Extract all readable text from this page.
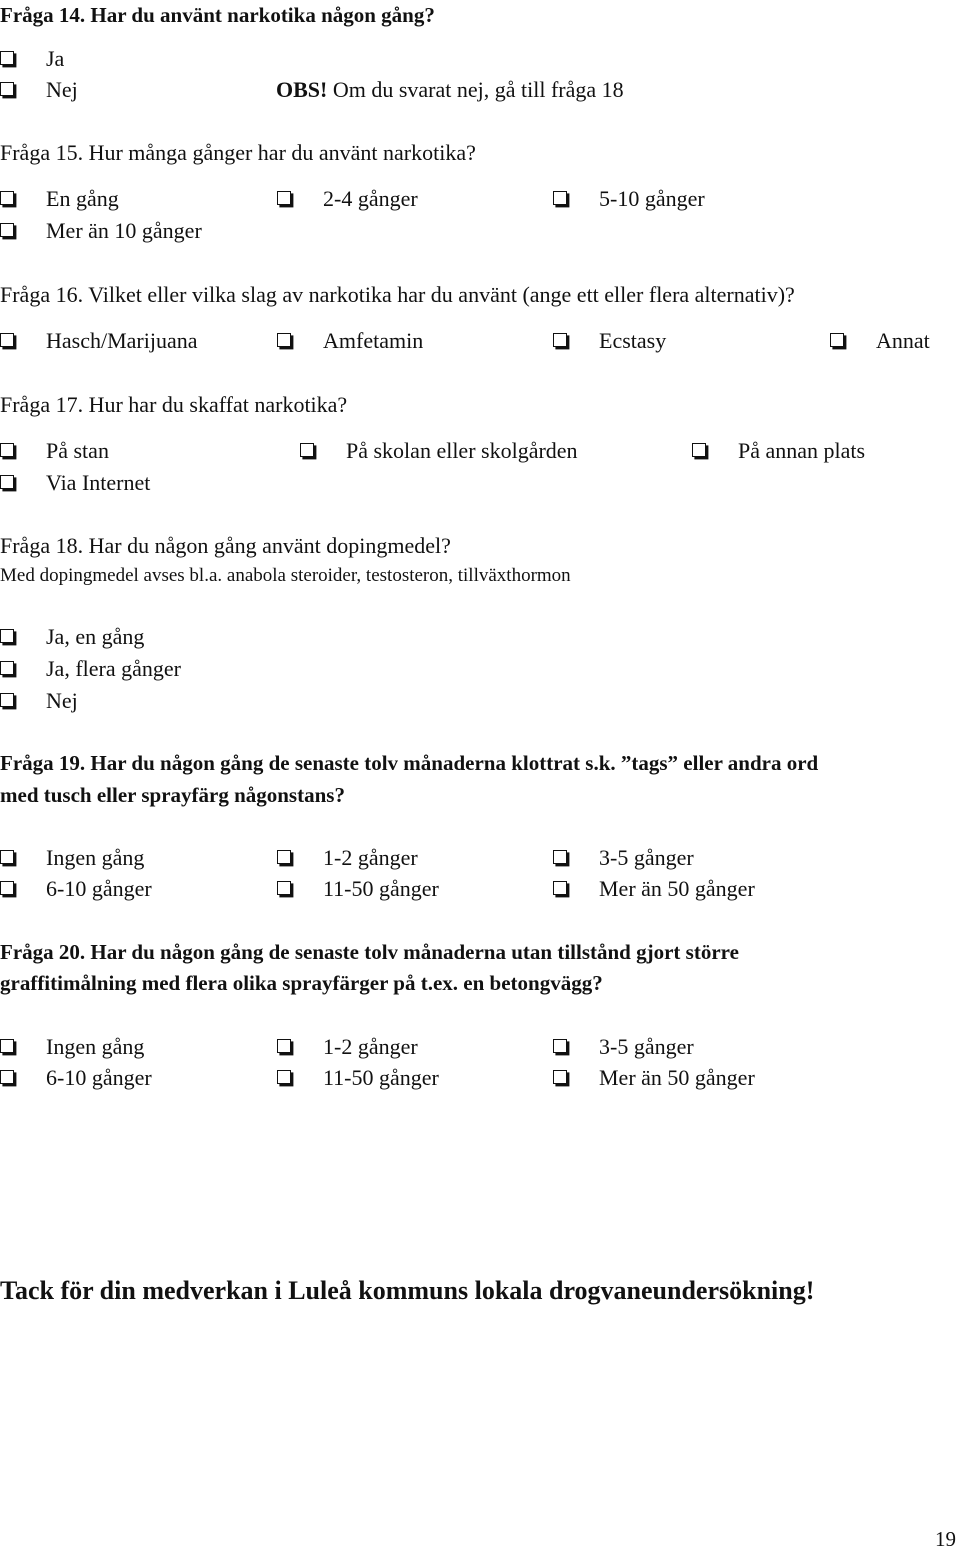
Fråga 14. Har du använt narkotika någon gång?
Ja
Nej	OBS! Om du svarat nej, gå till fråga 18
Fråga 15. Hur många gånger har du använt narkotika?
En gång	2-4 gånger	5-10 gånger
Mer än 10 gånger
Fråga 16. Vilket eller vilka slag av narkotika har du använt (ange ett eller flera alternativ)?
Hasch/Marijuana	Amfetamin	Ecstasy	Annat
Fråga 17. Hur har du skaffat narkotika?
På stan	På skolan eller skolgården	På annan plats
Via Internet
Fråga 18. Har du någon gång använt dopingmedel?
Med dopingmedel avses bl.a. anabola steroider, testosteron, tillväxthormon
Ja, en gång
Ja, flera gånger
Nej
Fråga 19. Har du någon gång de senaste tolv månaderna klottrat s.k. ”tags” eller andra ord
med tusch eller sprayfärg någonstans?
Ingen gång	1-2 gånger	3-5 gånger
6-10 gånger	11-50 gånger	Mer än 50 gånger
Fråga 20. Har du någon gång de senaste tolv månaderna utan tillstånd gjort större
graffitimålning med flera olika sprayfärger på t.ex. en betongvägg?
Ingen gång	1-2 gånger	3-5 gånger
6-10 gånger	11-50 gånger	Mer än 50 gånger
Tack för din medverkan i Luleå kommuns lokala drogvaneundersökning!
19
